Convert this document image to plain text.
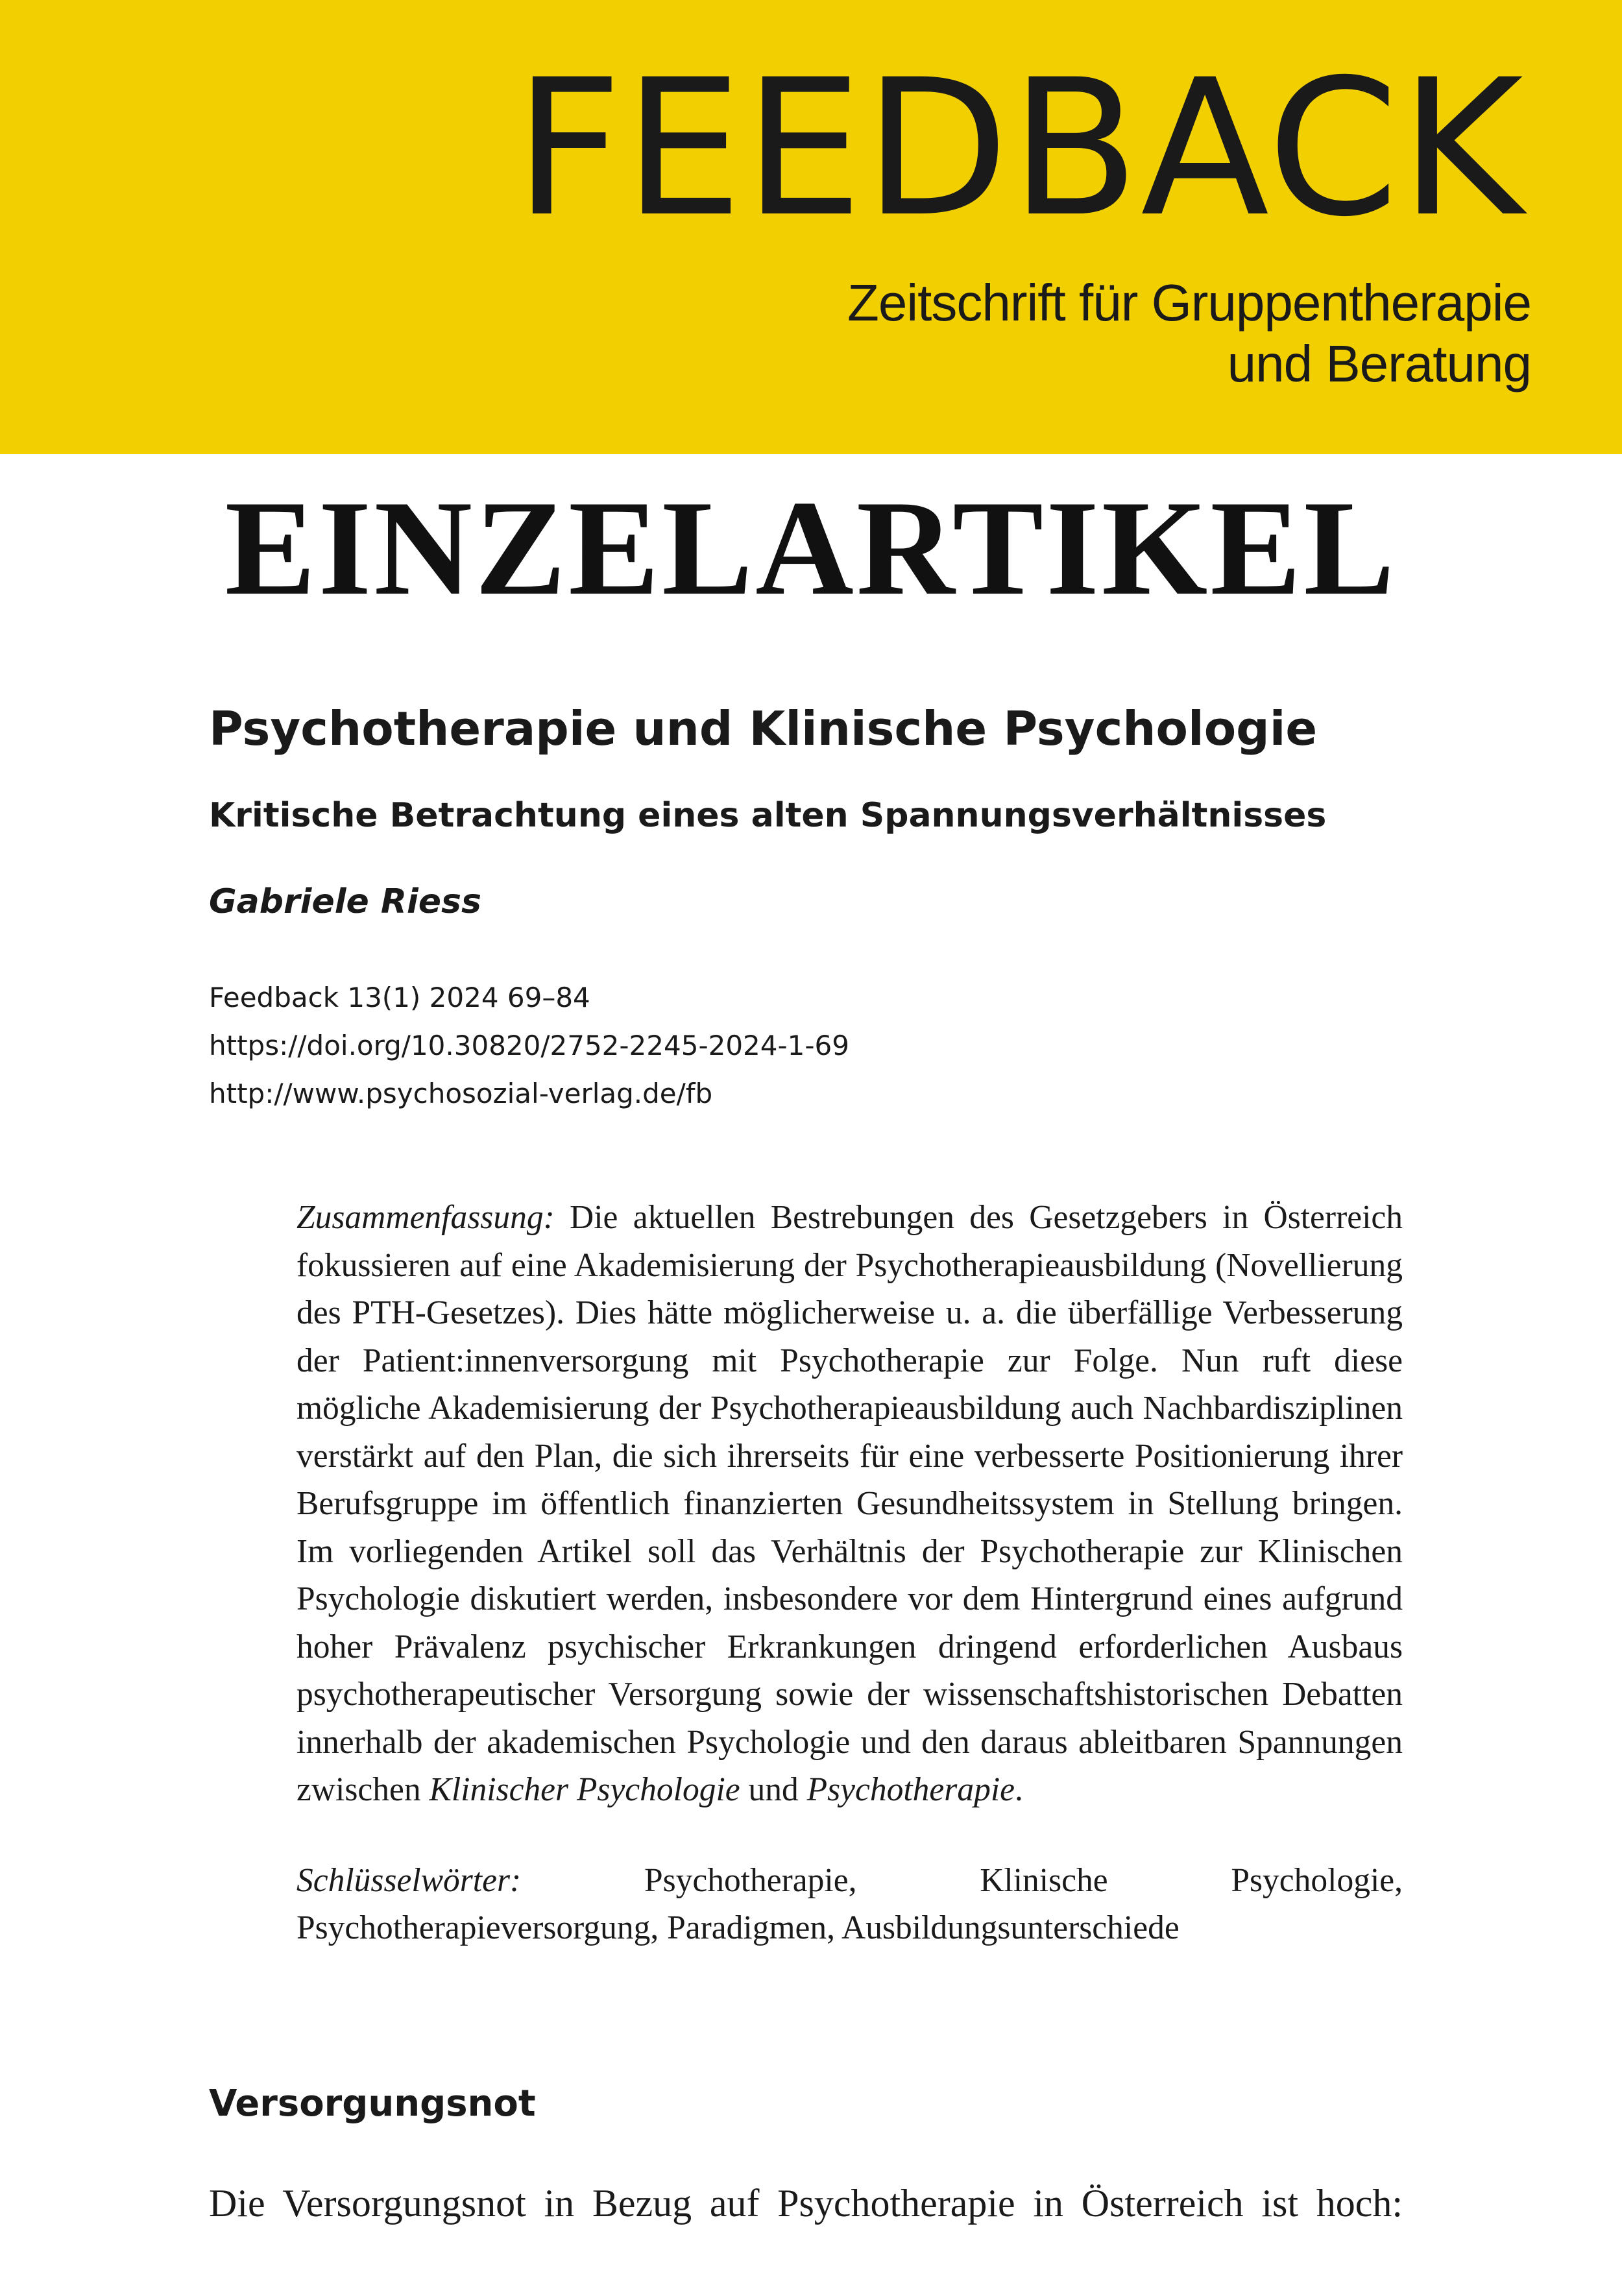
FEEDBACK
Zeitschrift für Gruppentherapie
und Beratung
EINZELARTIKEL
Psychotherapie und Klinische Psychologie
Kritische Betrachtung eines alten Spannungsverhältnisses
Gabriele Riess
Feedback 13(1) 2024 69–84
https://doi.org/10.30820/2752-2245-2024-1-69
http://www.psychosozial-verlag.de/fb

Zusammenfassung: Die aktuellen Bestrebungen des Gesetzgebers in Österreich fokussieren auf eine Akademisierung der Psychotherapieausbildung (Novellierung des PTH-Gesetzes). Dies hätte möglicherweise u. a. die überfällige Verbesserung der Patient:innenversorgung mit Psychotherapie zur Folge. Nun ruft diese mögliche Akademisierung der Psychotherapieausbildung auch Nachbardisziplinen verstärkt auf den Plan, die sich ihrerseits für eine verbesserte Positionierung ihrer Berufsgruppe im öffentlich finanzierten Gesundheitssystem in Stellung bringen. Im vorliegenden Artikel soll das Verhältnis der Psychotherapie zur Klinischen Psychologie diskutiert werden, insbesondere vor dem Hintergrund eines aufgrund hoher Prävalenz psychischer Erkrankungen dringend erforderlichen Ausbaus psychotherapeutischer Versorgung sowie der wissenschaftshistorischen Debatten innerhalb der akademischen Psychologie und den daraus ableitbaren Spannungen zwischen Klinischer Psychologie und Psychotherapie.

Schlüsselwörter:	Psychotherapie, Klinische Psychologie, Psychotherapieversorgung, Paradigmen, Ausbildungsunterschiede

Versorgungsnot

Die Versorgungsnot in Bezug auf Psychotherapie in Österreich ist hoch:
